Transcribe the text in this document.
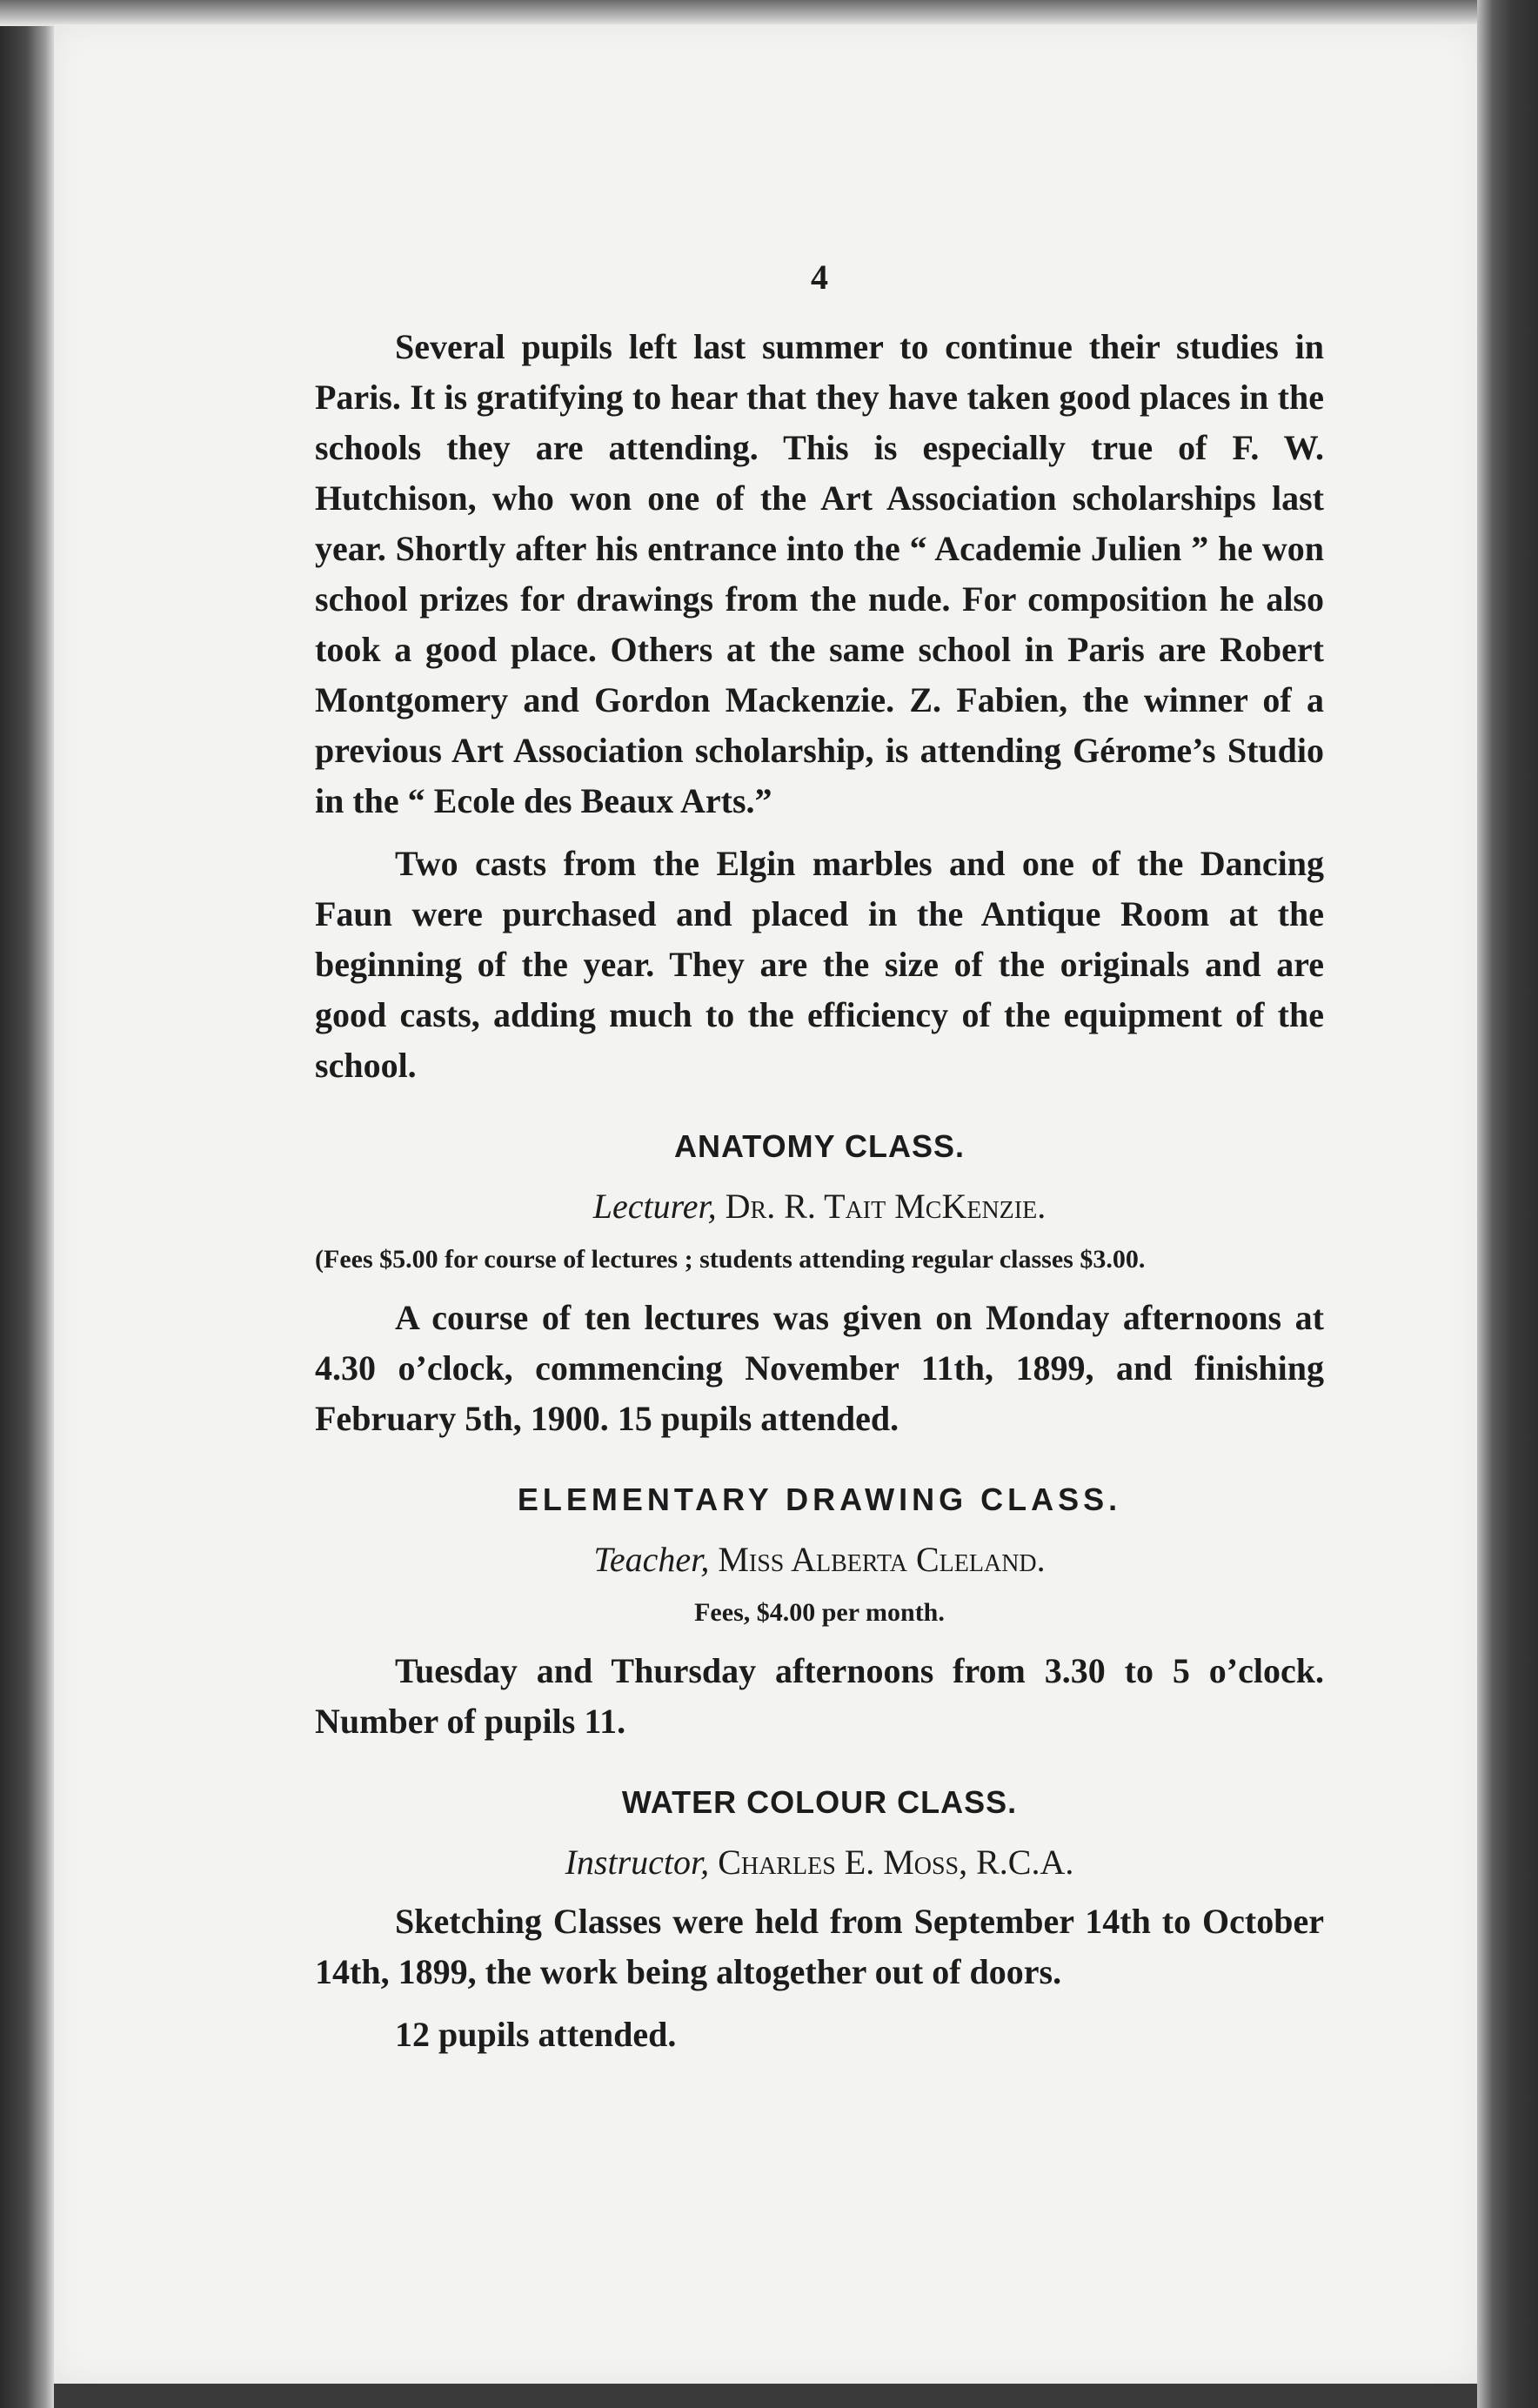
4

Several pupils left last summer to continue their studies in Paris. It is gratifying to hear that they have taken good places in the schools they are attending. This is especially true of F. W. Hutchison, who won one of the Art Association scholarships last year. Shortly after his entrance into the “ Academie Julien ” he won school prizes for drawings from the nude. For composition he also took a good place. Others at the same school in Paris are Robert Montgomery and Gordon Mackenzie. Z. Fabien, the winner of a previous Art Association scholarship, is attending Gérome’s Studio in the “ Ecole des Beaux Arts.”

Two casts from the Elgin marbles and one of the Dancing Faun were purchased and placed in the Antique Room at the beginning of the year. They are the size of the originals and are good casts, adding much to the efficiency of the equipment of the school.

ANATOMY CLASS.
Lecturer, Dr. R. Tait McKenzie.
(Fees $5.00 for course of lectures ; students attending regular classes $3.00.

A course of ten lectures was given on Monday afternoons at 4.30 o’clock, commencing November 11th, 1899, and finishing February 5th, 1900. 15 pupils attended.

ELEMENTARY DRAWING CLASS.
Teacher, Miss Alberta Cleland.
Fees, $4.00 per month.

Tuesday and Thursday afternoons from 3.30 to 5 o’clock. Number of pupils 11.

WATER COLOUR CLASS.
Instructor, Charles E. Moss, R.C.A.

Sketching Classes were held from September 14th to October 14th, 1899, the work being altogether out of doors.

12 pupils attended.
